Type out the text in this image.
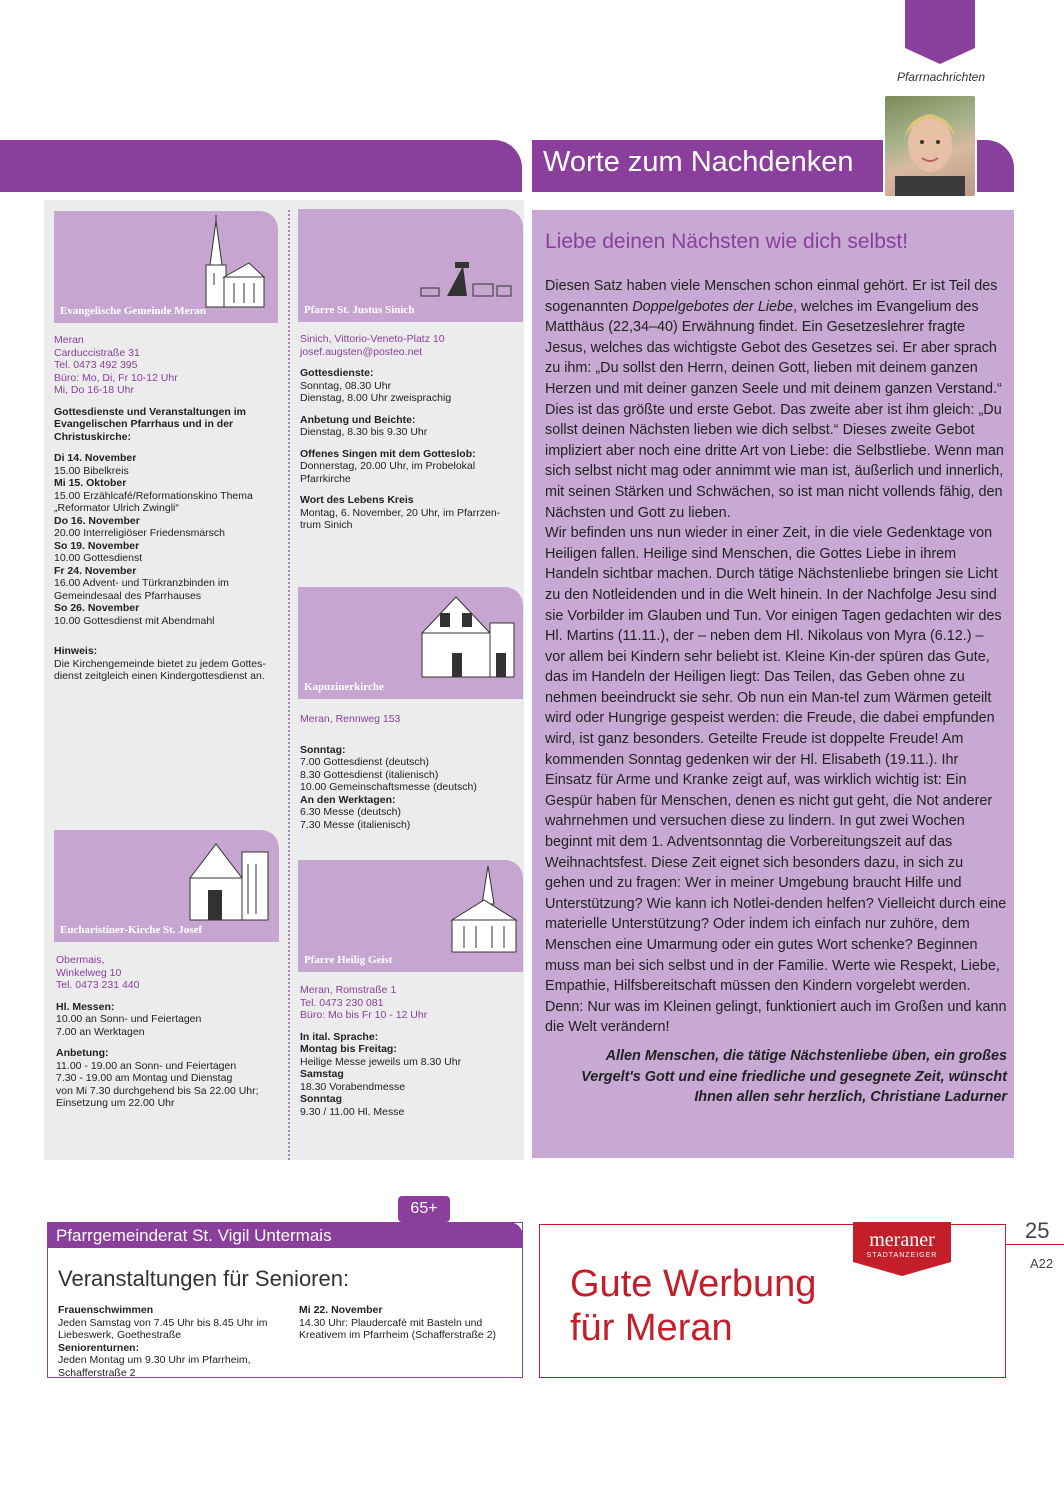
Pfarrnachrichten
Worte zum Nachdenken
Evangelische Gemeinde Meran
Meran
Carduccistraße 31
Tel. 0473 492 395
Büro: Mo, Di, Fr 10-12 Uhr
Mi, Do 16-18 Uhr
Gottesdienste und Veranstaltungen im Evangelischen Pfarrhaus und in der Christuskirche:
Di 14. November
15.00 Bibelkreis
Mi 15. Oktober
15.00 Erzählcafé/Reformationskino Thema „Reformator Ulrich Zwingli“
Do 16. November
20.00 Interreligiöser Friedensmarsch
So 19. November
10.00 Gottesdienst
Fr 24. November
16.00 Advent- und Türkranzbinden im Gemeindesaal des Pfarrhauses
So 26. November
10.00 Gottesdienst mit Abendmahl
Hinweis:
Die Kirchengemeinde bietet zu jedem Gottes-dienst zeitgleich einen Kindergottesdienst an.
Pfarre St. Justus Sinich
Sinich, Vittorio-Veneto-Platz 10
josef.augsten@posteo.net
Gottesdienste:
Sonntag, 08.30 Uhr
Dienstag, 8.00 Uhr zweisprachig
Anbetung und Beichte:
Dienstag, 8.30 bis 9.30 Uhr
Offenes Singen mit dem Gotteslob:
Donnerstag, 20.00 Uhr, im Probelokal
Pfarrkirche
Wort des Lebens Kreis
Montag, 6. November, 20 Uhr, im Pfarrzen-
trum Sinich
Kapuzinerkirche
Meran, Rennweg 153
Sonntag:
7.00 Gottesdienst (deutsch)
8.30 Gottesdienst (italienisch)
10.00 Gemeinschaftsmesse (deutsch)
An den Werktagen:
6.30 Messe (deutsch)
7.30 Messe (italienisch)
Eucharistiner-Kirche St. Josef
Obermais,
Winkelweg 10
Tel. 0473 231 440
Hl. Messen:
10.00 an Sonn- und Feiertagen
7.00 an Werktagen
Anbetung:
11.00 - 19.00 an Sonn- und Feiertagen
7.30 - 19.00 am Montag und Dienstag
von Mi 7.30 durchgehend bis Sa 22.00 Uhr;
Einsetzung um 22.00 Uhr
Pfarre Heilig Geist
Meran, Romstraße 1
Tel. 0473 230 081
Büro: Mo bis Fr 10 - 12 Uhr
In ital. Sprache:
Montag bis Freitag:
Heilige Messe jeweils um 8.30 Uhr
Samstag
18.30 Vorabendmesse
Sonntag
9.30 / 11.00 Hl. Messe
Liebe deinen Nächsten wie dich selbst!
Diesen Satz haben viele Menschen schon einmal gehört. Er ist Teil des sogenannten Doppelgebotes der Liebe, welches im Evangelium des Matthäus (22,34–40) Erwähnung findet. Ein Gesetzeslehrer fragte Jesus, welches das wichtigste Gebot des Gesetzes sei. Er aber sprach zu ihm: „Du sollst den Herrn, deinen Gott, lieben mit deinem ganzen Herzen und mit deiner ganzen Seele und mit deinem ganzen Verstand.“ Dies ist das größte und erste Gebot. Das zweite aber ist ihm gleich: „Du sollst deinen Nächsten lieben wie dich selbst.“ Dieses zweite Gebot impliziert aber noch eine dritte Art von Liebe: die Selbstliebe. Wenn man sich selbst nicht mag oder annimmt wie man ist, äußerlich und innerlich, mit seinen Stärken und Schwächen, so ist man nicht vollends fähig, den Nächsten und Gott zu lieben.
Wir befinden uns nun wieder in einer Zeit, in die viele Gedenktage von Heiligen fallen. Heilige sind Menschen, die Gottes Liebe in ihrem Handeln sichtbar machen. Durch tätige Nächstenliebe bringen sie Licht zu den Notleidenden und in die Welt hinein. In der Nachfolge Jesu sind sie Vorbilder im Glauben und Tun. Vor einigen Tagen gedachten wir des Hl. Martins (11.11.), der – neben dem Hl. Nikolaus von Myra (6.12.) – vor allem bei Kindern sehr beliebt ist. Kleine Kin-der spüren das Gute, das im Handeln der Heiligen liegt: Das Teilen, das Geben ohne zu nehmen beeindruckt sie sehr. Ob nun ein Man-tel zum Wärmen geteilt wird oder Hungrige gespeist werden: die Freude, die dabei empfunden wird, ist ganz besonders. Geteilte Freude ist doppelte Freude! Am kommenden Sonntag gedenken wir der Hl. Elisabeth (19.11.). Ihr Einsatz für Arme und Kranke zeigt auf, was wirklich wichtig ist: Ein Gespür haben für Menschen, denen es nicht gut geht, die Not anderer wahrnehmen und versuchen diese zu lindern. In gut zwei Wochen beginnt mit dem 1. Adventsonntag die Vorbereitungszeit auf das Weihnachtsfest. Diese Zeit eignet sich besonders dazu, in sich zu gehen und zu fragen: Wer in meiner Umgebung braucht Hilfe und Unterstützung? Wie kann ich Notlei-denden helfen? Vielleicht durch eine materielle Unterstützung? Oder indem ich einfach nur zuhöre, dem Menschen eine Umarmung oder ein gutes Wort schenke? Beginnen muss man bei sich selbst und in der Familie. Werte wie Respekt, Liebe, Empathie, Hilfsbereitschaft müssen den Kindern vorgelebt werden. Denn: Nur was im Kleinen gelingt, funktioniert auch im Großen und kann die Welt verändern!
Allen Menschen, die tätige Nächstenliebe üben, ein großes Vergelt's Gott und eine friedliche und gesegnete Zeit, wünscht Ihnen allen sehr herzlich, Christiane Ladurner
Pfarrgemeinderat St. Vigil Untermais
65+
Veranstaltungen für Senioren:
Frauenschwimmen
Jeden Samstag von 7.45 Uhr bis 8.45 Uhr im Liebeswerk, Goethestraße
Seniorenturnen:
Jeden Montag um 9.30 Uhr im Pfarrheim, Schafferstraße 2
Mi 22. November
14.30 Uhr: Plaudercafè mit Basteln und Kreativem im Pfarrheim (Schafferstraße 2)
Gute Werbung
für Meran
meraner
STADTANZEIGER
25
A22
